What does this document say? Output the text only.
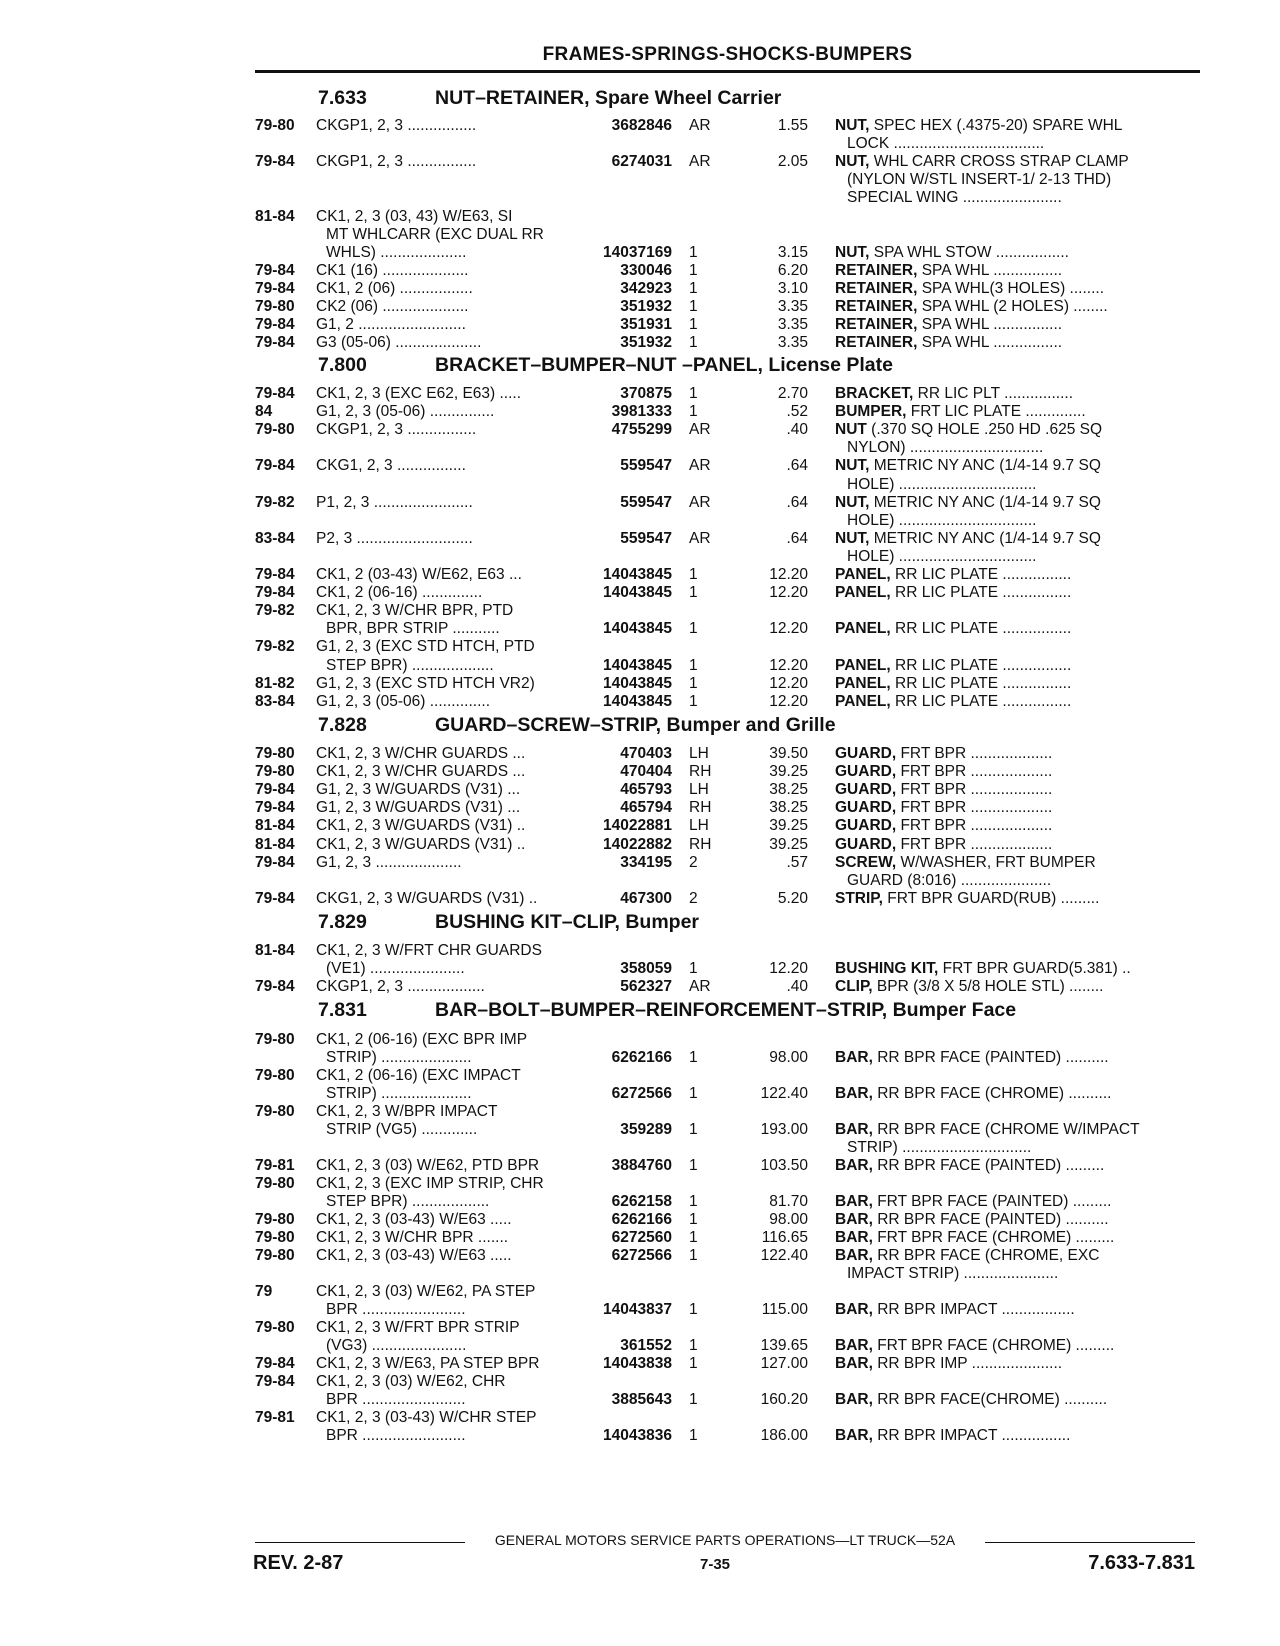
FRAMES-SPRINGS-SHOCKS-BUMPERS
7.633	NUT–RETAINER, Spare Wheel Carrier
79-80	CKGP1, 2, 3 ................	3682846 AR	1.55 NUT, SPEC HEX (.4375-20) SPARE WHL
LOCK ...................................
79-84	CKGP1, 2, 3 ................	6274031 AR	2.05 NUT, WHL CARR CROSS STRAP CLAMP
(NYLON W/STL INSERT-1/ 2-13 THD)
SPECIAL WING .......................
81-84	CK1, 2, 3 (03, 43) W/E63, SI
MT WHLCARR (EXC DUAL RR
WHLS) ....................	14037169 1	3.15 NUT, SPA WHL STOW .................
79-84	CK1 (16) ....................	330046 1	6.20 RETAINER, SPA WHL ................
79-84	CK1, 2 (06) .................	342923 1	3.10 RETAINER, SPA WHL(3 HOLES) ........
79-80	CK2 (06) ....................	351932 1	3.35 RETAINER, SPA WHL (2 HOLES) ........
79-84	G1, 2 .........................	351931 1	3.35 RETAINER, SPA WHL ................
79-84	G3 (05-06) ....................	351932 1	3.35 RETAINER, SPA WHL ................
7.800	BRACKET–BUMPER–NUT –PANEL, License Plate
79-84	CK1, 2, 3 (EXC E62, E63) .....	370875 1	2.70 BRACKET, RR LIC PLT ................
84	G1, 2, 3 (05-06) ...............	3981333 1	.52 BUMPER, FRT LIC PLATE ..............
79-80	CKGP1, 2, 3 ................	4755299 AR	.40 NUT (.370 SQ HOLE .250 HD .625 SQ
NYLON) ...............................
79-84	CKG1, 2, 3 ................	559547 AR	.64 NUT, METRIC NY ANC (1/4-14 9.7 SQ
HOLE) ................................
79-82	P1, 2, 3 .......................	559547 AR	.64 NUT, METRIC NY ANC (1/4-14 9.7 SQ
HOLE) ................................
83-84	P2, 3 ...........................	559547 AR	.64 NUT, METRIC NY ANC (1/4-14 9.7 SQ
HOLE) ................................
79-84	CK1, 2 (03-43) W/E62, E63 ...	14043845 1	12.20 PANEL, RR LIC PLATE ................
79-84	CK1, 2 (06-16) ..............	14043845 1	12.20 PANEL, RR LIC PLATE ................
79-82	CK1, 2, 3 W/CHR BPR, PTD
BPR, BPR STRIP ...........	14043845 1	12.20 PANEL, RR LIC PLATE ................
79-82	G1, 2, 3 (EXC STD HTCH, PTD
STEP BPR) ...................	14043845 1	12.20 PANEL, RR LIC PLATE ................
81-82	G1, 2, 3 (EXC STD HTCH VR2)	14043845 1	12.20 PANEL, RR LIC PLATE ................
83-84	G1, 2, 3 (05-06) ..............	14043845 1	12.20 PANEL, RR LIC PLATE ................
7.828	GUARD–SCREW–STRIP, Bumper and Grille
79-80	CK1, 2, 3 W/CHR GUARDS ...	470403 LH	39.50 GUARD, FRT BPR ...................
79-80	CK1, 2, 3 W/CHR GUARDS ...	470404 RH	39.25 GUARD, FRT BPR ...................
79-84	G1, 2, 3 W/GUARDS (V31) ...	465793 LH	38.25 GUARD, FRT BPR ...................
79-84	G1, 2, 3 W/GUARDS (V31) ...	465794 RH	38.25 GUARD, FRT BPR ...................
81-84	CK1, 2, 3 W/GUARDS (V31) ..	14022881 LH	39.25 GUARD, FRT BPR ...................
81-84	CK1, 2, 3 W/GUARDS (V31) ..	14022882 RH	39.25 GUARD, FRT BPR ...................
79-84	G1, 2, 3 ....................	334195 2	.57 SCREW, W/WASHER, FRT BUMPER
GUARD (8:016) .....................
79-84	CKG1, 2, 3 W/GUARDS (V31) ..	467300 2	5.20 STRIP, FRT BPR GUARD(RUB) .........
7.829	BUSHING KIT–CLIP, Bumper
81-84	CK1, 2, 3 W/FRT CHR GUARDS
(VE1) ......................	358059 1	12.20 BUSHING KIT, FRT BPR GUARD(5.381) ..
79-84	CKGP1, 2, 3 ..................	562327 AR	.40 CLIP, BPR (3/8 X 5/8 HOLE STL) ........
7.831	BAR–BOLT–BUMPER–REINFORCEMENT–STRIP, Bumper Face
79-80	CK1, 2 (06-16) (EXC BPR IMP
STRIP) .....................	6262166 1	98.00 BAR, RR BPR FACE (PAINTED) ..........
79-80	CK1, 2 (06-16) (EXC IMPACT
STRIP) .....................	6272566 1	122.40 BAR, RR BPR FACE (CHROME) ..........
79-80	CK1, 2, 3 W/BPR IMPACT
STRIP (VG5) .............	359289 1	193.00 BAR, RR BPR FACE (CHROME W/IMPACT
STRIP) ..............................
79-81	CK1, 2, 3 (03) W/E62, PTD BPR	3884760 1	103.50 BAR, RR BPR FACE (PAINTED) .........
79-80	CK1, 2, 3 (EXC IMP STRIP, CHR
STEP BPR) ..................	6262158 1	81.70 BAR, FRT BPR FACE (PAINTED) .........
79-80	CK1, 2, 3 (03-43) W/E63 .....	6262166 1	98.00 BAR, RR BPR FACE (PAINTED) ..........
79-80	CK1, 2, 3 W/CHR BPR .......	6272560 1	116.65 BAR, FRT BPR FACE (CHROME) .........
79-80	CK1, 2, 3 (03-43) W/E63 .....	6272566 1	122.40 BAR, RR BPR FACE (CHROME, EXC
IMPACT STRIP) ......................
79	CK1, 2, 3 (03) W/E62, PA STEP
BPR ........................	14043837 1	115.00 BAR, RR BPR IMPACT .................
79-80	CK1, 2, 3 W/FRT BPR STRIP
(VG3) ......................	361552 1	139.65 BAR, FRT BPR FACE (CHROME) .........
79-84	CK1, 2, 3 W/E63, PA STEP BPR	14043838 1	127.00 BAR, RR BPR IMP .....................
79-84	CK1, 2, 3 (03) W/E62, CHR
BPR ........................	3885643 1	160.20 BAR, RR BPR FACE(CHROME) ..........
79-81	CK1, 2, 3 (03-43) W/CHR STEP
BPR ........................	14043836 1	186.00 BAR, RR BPR IMPACT ................
GENERAL MOTORS SERVICE PARTS OPERATIONS—LT TRUCK—52A
REV. 2-87	7-35	7.633-7.831
